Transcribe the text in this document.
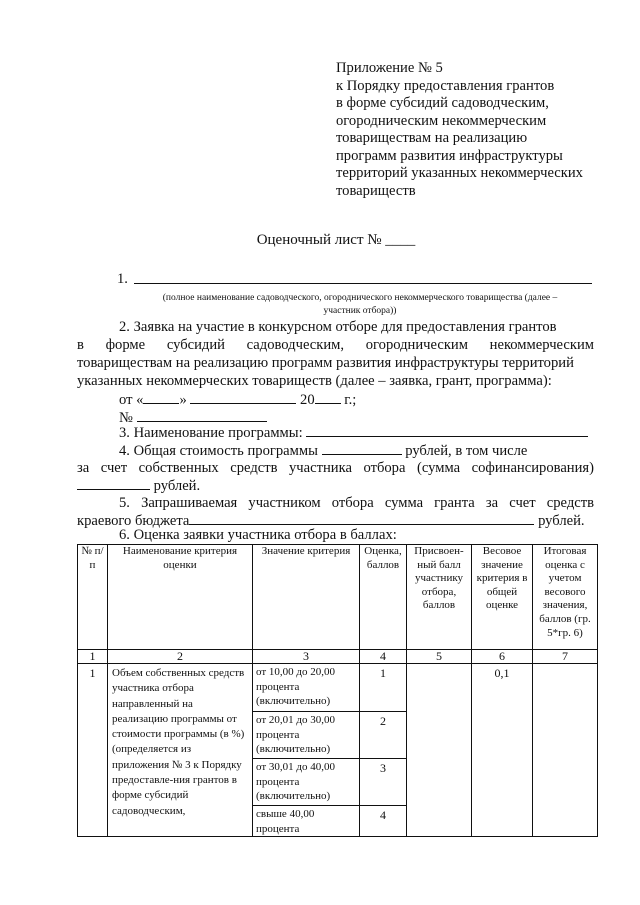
Приложение № 5
к Порядку предоставления грантов
в форме субсидий садоводческим,
огородническим некоммерческим
товариществам на реализацию
программ развития инфраструктуры
территорий указанных некоммерческих
товариществ
Оценочный лист № ____
1.
(полное наименование садоводческого, огороднического некоммерческого товарищества (далее –
участник отбора))
2. Заявка на участие в конкурсном отборе для предоставления грантов
в форме субсидий садоводческим, огородническим некоммерческим
товариществам на реализацию программ развития инфраструктуры территорий
указанных некоммерческих товариществ (далее – заявка, грант, программа):
от « »	20 г.;
№
3. Наименование программы:
4. Общая стоимость программы	рублей, в том числе
за счет собственных средств участника отбора (сумма софинансирования)
рублей.
5. Запрашиваемая участником отбора сумма гранта за счет средств
краевого бюджета	рублей.
6. Оценка заявки участника отбора в баллах:
№ п/п	Наименование критерия оценки	Значение критерия	Оценка, баллов	Присвоен-ный балл участнику отбора, баллов	Весовое значение критерия в общей оценке	Итоговая оценка с учетом весового значения, баллов (гр. 5*гр. 6)
1	2	3	4	5	6	7
1	Объем собственных средств участника отбора направленный на реализацию программы от стоимости программы (в %) (определяется из приложения № 3 к Порядку предоставле-ния грантов в форме субсидий садоводческим,	от 10,00 до 20,00 процента (включительно)	1		0,1	
		от 20,01 до 30,00 процента (включительно)	2			
		от 30,01 до 40,00 процента (включительно)	3			
		свыше 40,00 процента	4			
